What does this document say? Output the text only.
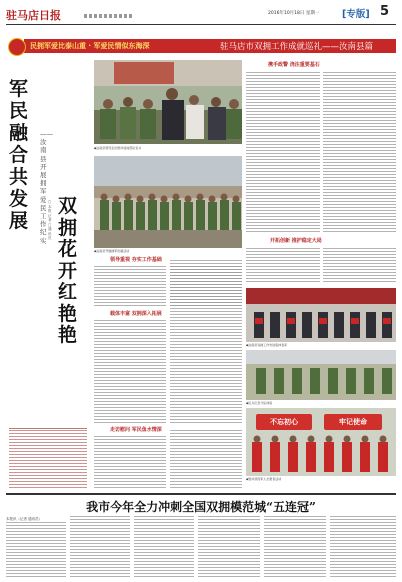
驻马店日报	2016年10月18日 星期一 [专版] 5
民拥军爱比泰山重 · 军爱民情似东海深	驻马店市双拥工作成就巡礼——汝南县篇
军民融合共发展
双拥花开红艳艳
——汝南县开展拥军爱民工作纪实
□ 本报记者 □ 通讯员
◆汝南县领导走访慰问驻地部队官兵
◆汝南县开展拥军优属活动
携手政警 浇注重要基石
开拓创新 推护稳定大局
◆汝南县双拥工作先进集体表彰
◆民兵应急分队训练
不忘初心	牢记使命
◆慰问退役军人志愿者活动
领导重视 夯实工作基础
载体丰富 双拥深入拓展
走访慰问 军民鱼水情深
我市今年全力冲刺全国双拥模范城“五连冠”
本报讯（记者 通讯员）
